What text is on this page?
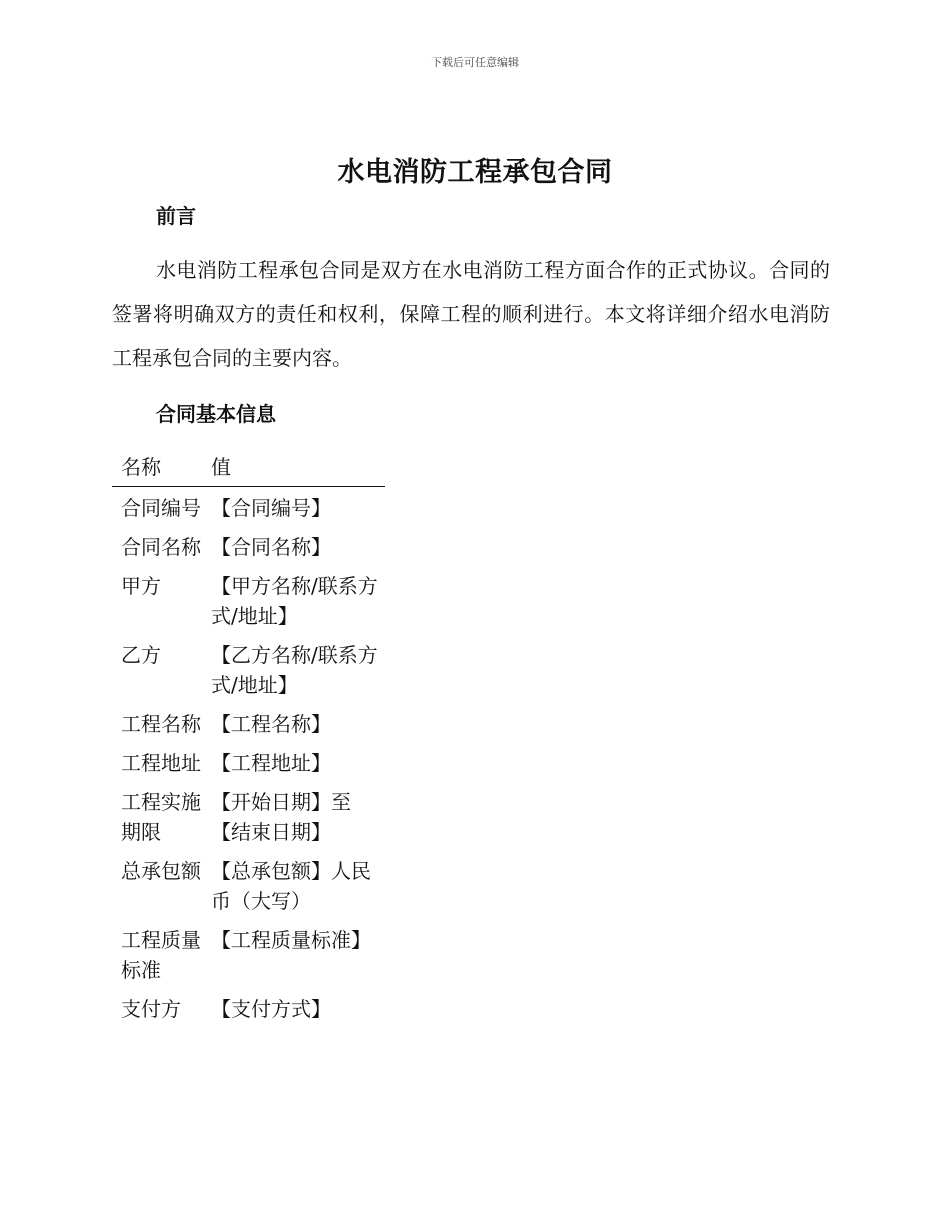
下载后可任意编辑
水电消防工程承包合同
前言
水电消防工程承包合同是双方在水电消防工程方面合作的正式协议。合同的签署将明确双方的责任和权利，保障工程的顺利进行。本文将详细介绍水电消防工程承包合同的主要内容。
合同基本信息
名称	值
合同编号	【合同编号】
合同名称	【合同名称】
甲方	【甲方名称/联系方式/地址】
乙方	【乙方名称/联系方式/地址】
工程名称	【工程名称】
工程地址	【工程地址】
工程实施期限	【开始日期】至【结束日期】
总承包额	【总承包额】人民币（大写）
工程质量标准	【工程质量标准】
支付方	【支付方式】
